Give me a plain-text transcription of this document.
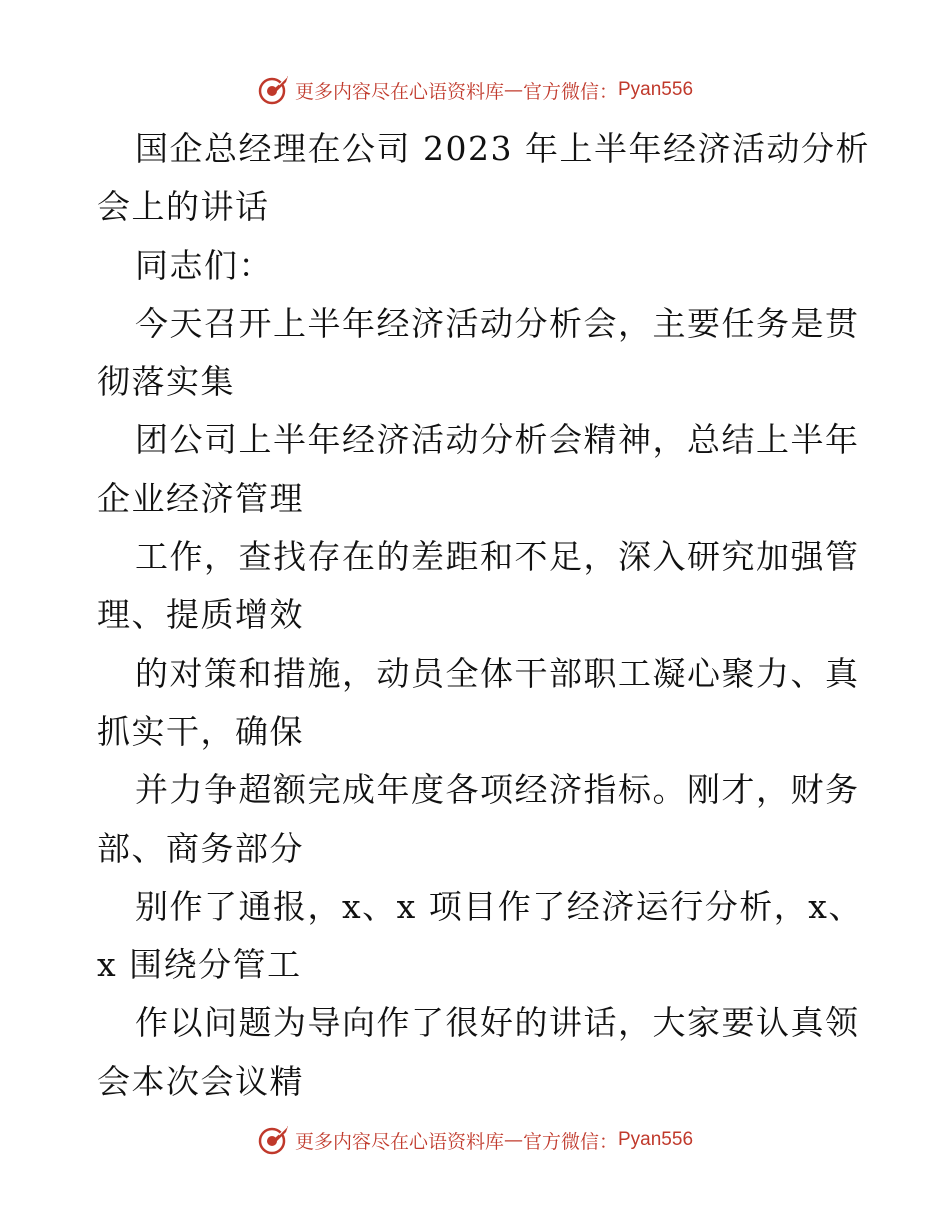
更多内容尽在心语资料库 — 官方微信： Pyan556
国企总经理在公司 2023 年上半年经济活动分析
会上的讲话
同志们：
今天召开上半年经济活动分析会，主要任务是贯
彻落实集
团公司上半年经济活动分析会精神，总结上半年
企业经济管理
工作，查找存在的差距和不足，深入研究加强管
理、提质增效
的对策和措施，动员全体干部职工凝心聚力、真
抓实干，确保
并力争超额完成年度各项经济指标。刚才，财务
部、商务部分
别作了通报，x、x 项目作了经济运行分析，x、
x 围绕分管工
作以问题为导向作了很好的讲话，大家要认真领
会本次会议精
更多内容尽在心语资料库 — 官方微信： Pyan556
